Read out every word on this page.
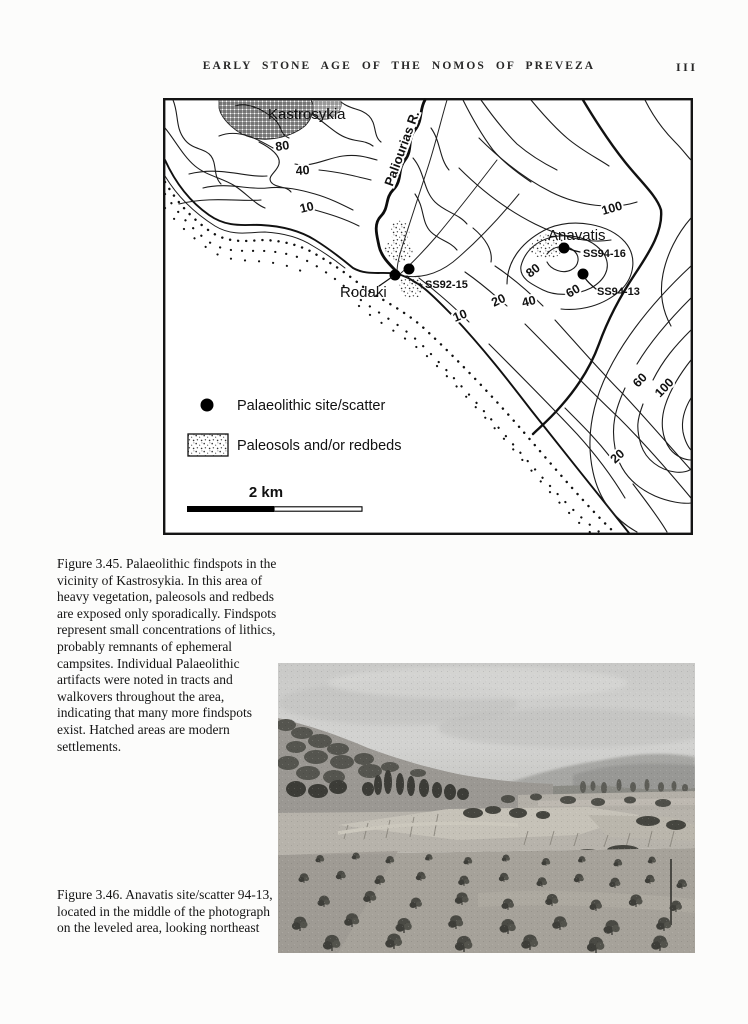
EARLY STONE AGE OF THE NOMOS OF PREVEZA	III
Kastrosykia	Paliourias R.
Rodaki
Anavatis
SS92-15
SS94-16
SS94-13
80
40
10	100
80
60
40
20
10
60 100
20
Palaeolithic site/scatter
Paleosols and/or redbeds
2 km
Figure 3.45. Palaeolithic findspots in the vicinity of Kastrosykia. In this area of heavy vegetation, paleosols and redbeds are exposed only sporadically. Findspots represent small concentrations of lithics, probably remnants of ephemeral campsites. Individual Palaeolithic artifacts were noted in tracts and walkovers throughout the area, indicating that many more findspots exist. Hatched areas are modern settlements.
Figure 3.46. Anavatis site/scatter 94-13, located in the middle of the photograph on the leveled area, looking northeast
